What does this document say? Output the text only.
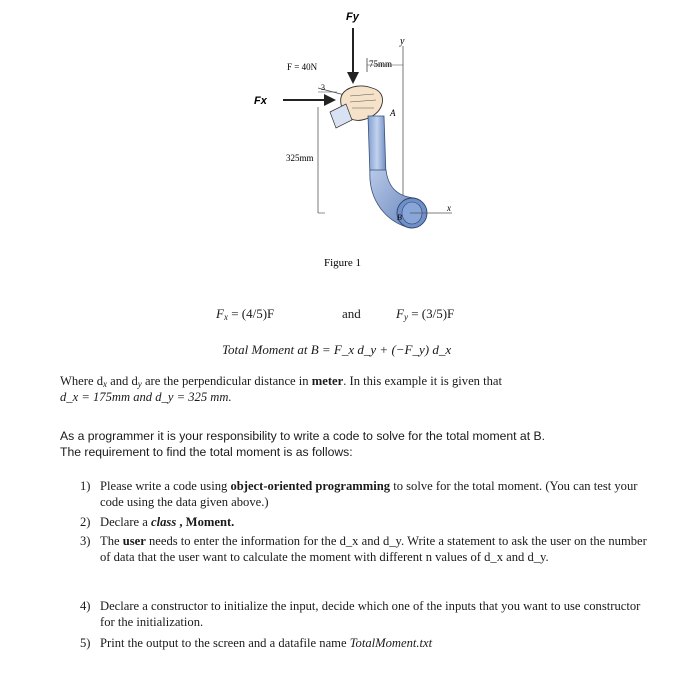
Fy
y
75mm
F = 40N
3
Fx
A
B
x
325mm
Figure 1
$F_x = (4/5)F$	and	$F_y = (3/5)F$
Total Moment at B = F_x d_y + (−F_y) d_x
Where $d_x$ and $d_y$ are the perpendicular distance in meter. In this example it is given that
d_x = 175mm and d_y = 325 mm.
As a programmer it is your responsibility to write a code to solve for the total moment at B.
The requirement to find the total moment is as follows:
1) Please write a code using object-oriented programming to solve for the total moment. (You can test your code using the data given above.)
2) Declare a class , Moment.
3) The user needs to enter the information for the d_x and d_y. Write a statement to ask the user on the number of data that the user want to calculate the moment with different n values of d_x and d_y.
4) Declare a constructor to initialize the input, decide which one of the inputs that you want to use constructor for the initialization.
5) Print the output to the screen and a datafile name TotalMoment.txt
